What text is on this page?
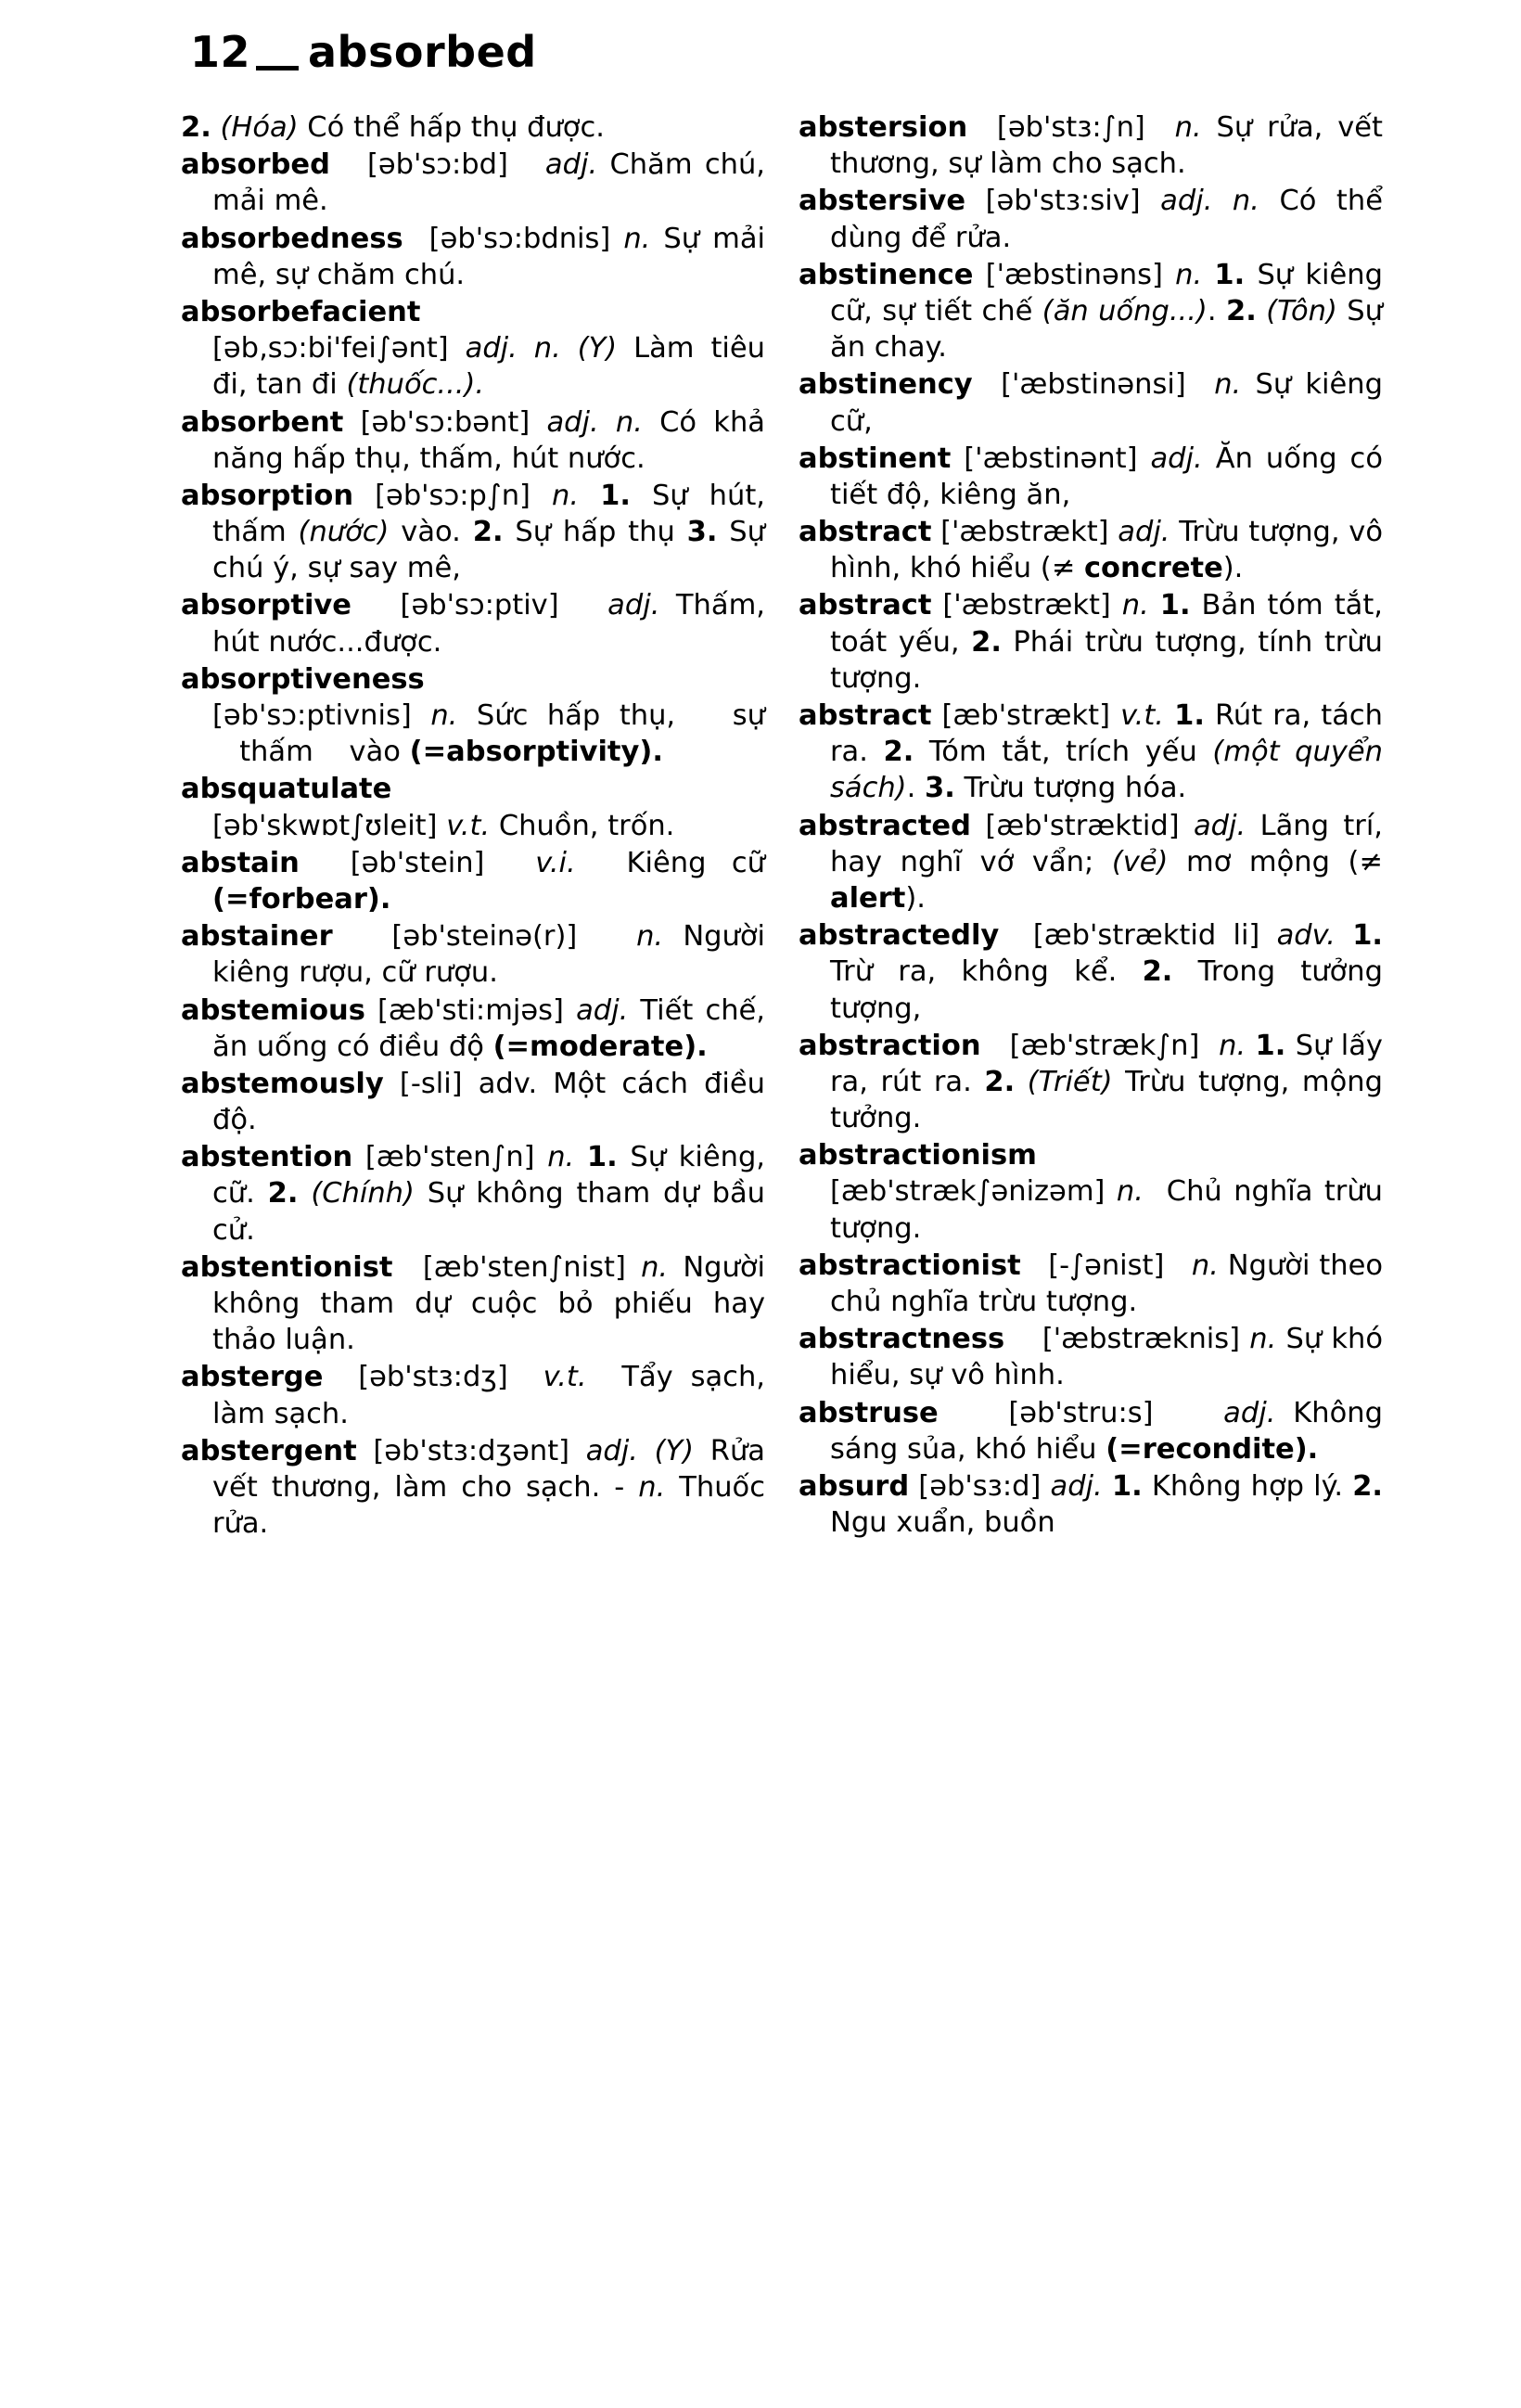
12 absorbed
2. (Hóa) Có thể hấp thụ được.
absorbed   [əb'sɔ:bd]   adj. Chăm chú, mải mê.
absorbedness  [əb'sɔ:bdnis] n. Sự mải mê, sự chăm chú.
absorbefacient
[əb‚sɔ:bi'fei∫ənt] adj. n. (Y) Làm tiêu đi, tan đi (thuốc...).
absorbent [əb'sɔ:bənt] adj. n. Có khả năng hấp thụ, thấm, hút nước.
absorption [əb'sɔ:p∫n] n. 1. Sự hút, thấm (nước) vào. 2. Sự hấp thụ 3. Sự chú ý, sự say mê,
absorptive   [əb'sɔ:ptiv]   adj. Thấm, hút nước...được.
absorptiveness
[əb'sɔ:ptivnis] n. Sức hấp thụ,   sự    thấm    vào (=absorptivity).
absquatulate
[əb'skwɒt∫ʊleit] v.t. Chuồn, trốn.
abstain  [əb'stein]  v.i.  Kiêng cữ (=forbear).
abstainer   [əb'steinə(r)]   n. Người kiêng rượu, cữ rượu.
abstemious [æb'sti:mjəs] adj. Tiết chế, ăn uống có điều độ (=moderate).
abstemously [-sli] adv. Một cách điều độ.
abstention [æb'sten∫n] n. 1. Sự kiêng, cữ. 2. (Chính) Sự không tham dự bầu cử.
abstentionist  [æb'sten∫nist] n. Người không tham dự cuộc bỏ phiếu hay thảo luận.
absterge  [əb'stɜ:dʒ]  v.t.  Tẩy sạch, làm sạch.
abstergent [əb'stɜ:dʒənt] adj. (Y) Rửa vết thương, làm cho sạch. - n. Thuốc rửa.
abstersion  [əb'stɜ:∫n]  n. Sự rửa, vết thương, sự làm cho sạch.
abstersive [əb'stɜ:siv] adj. n. Có thể dùng để rửa.
abstinence ['æbstinəns] n. 1. Sự kiêng cữ, sự tiết chế (ăn uống...). 2. (Tôn) Sự ăn chay.
abstinency  ['æbstinənsi]  n. Sự kiêng cữ,
abstinent ['æbstinənt] adj. Ăn uống có tiết độ, kiêng ăn,
abstract ['æbstrækt] adj. Trừu tượng, vô hình, khó hiểu (≠ concrete).
abstract ['æbstrækt] n. 1. Bản tóm tắt, toát yếu, 2. Phái trừu tượng, tính trừu tượng.
abstract [æb'strækt] v.t. 1. Rút ra, tách ra. 2. Tóm tắt, trích yếu (một quyển sách). 3. Trừu tượng hóa.
abstracted [æb'stræktid] adj. Lãng trí, hay nghĩ vớ vẩn; (vẻ) mơ mộng (≠ alert).
abstractedly  [æb'stræktid li] adv. 1. Trừ ra, không kể. 2. Trong tưởng tượng,
abstraction   [æb'stræk∫n]  n. 1. Sự lấy ra, rút ra. 2. (Triết) Trừu tượng, mộng tưởng.
abstractionism
[æb'stræk∫ənizəm] n.  Chủ nghĩa trừu tượng.
abstractionist   [-∫ənist]   n. Người theo chủ nghĩa trừu tượng.
abstractness    ['æbstræknis] n. Sự khó hiểu, sự vô hình.
abstruse    [əb'stru:s]    adj. Không sáng sủa, khó hiểu (=recondite).
absurd [əb'sɜ:d] adj. 1. Không hợp lý. 2. Ngu xuẩn, buồn
